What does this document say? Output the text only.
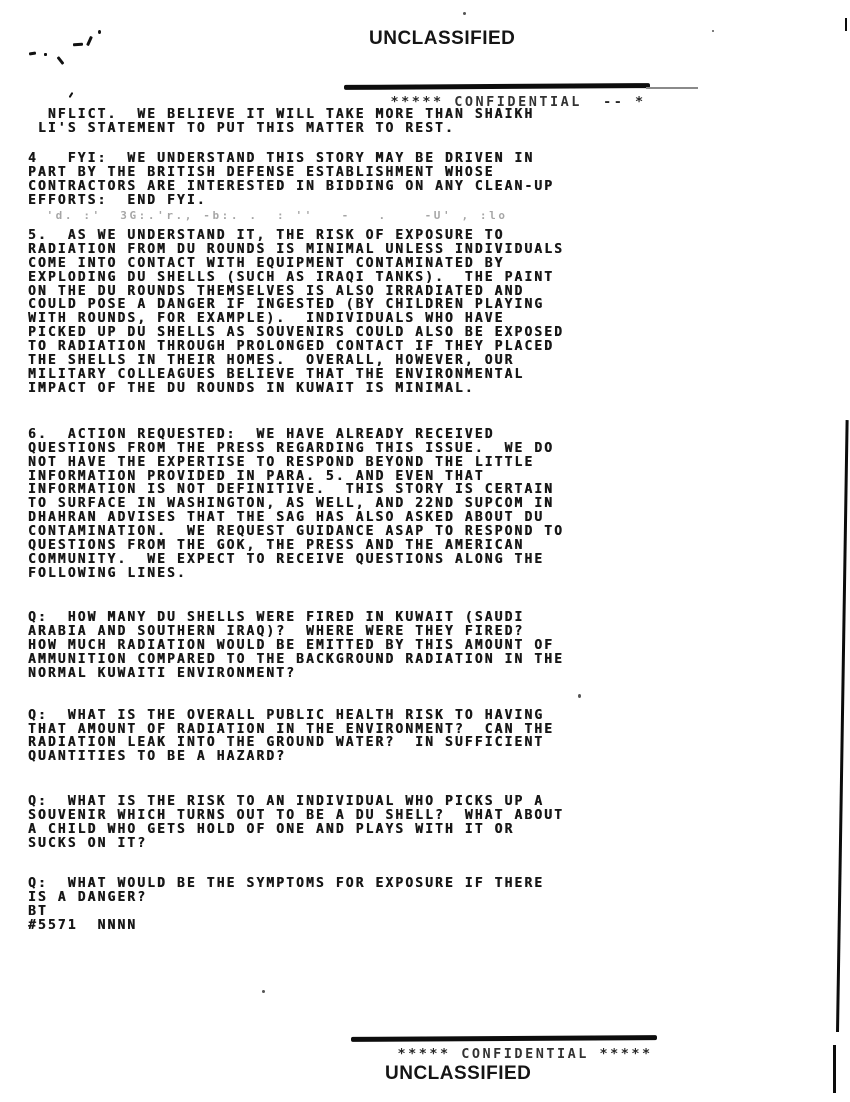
UNCLASSIFIED

***** CONFIDENTIAL  -- *

NFLICT.  WE BELIEVE IT WILL TAKE MORE THAN SHAIKH
LI'S STATEMENT TO PUT THIS MATTER TO REST.
4   FYI:  WE UNDERSTAND THIS STORY MAY BE DRIVEN IN
PART BY THE BRITISH DEFENSE ESTABLISHMENT WHOSE
CONTRACTORS ARE INTERESTED IN BIDDING ON ANY CLEAN-UP
EFFORTS:  END FYI.
'd. :'  3G:.'r., -b:. .  : ''   -   .    -U' , :lo
5.  AS WE UNDERSTAND IT, THE RISK OF EXPOSURE TO
RADIATION FROM DU ROUNDS IS MINIMAL UNLESS INDIVIDUALS
COME INTO CONTACT WITH EQUIPMENT CONTAMINATED BY
EXPLODING DU SHELLS (SUCH AS IRAQI TANKS).  THE PAINT
ON THE DU ROUNDS THEMSELVES IS ALSO IRRADIATED AND
COULD POSE A DANGER IF INGESTED (BY CHILDREN PLAYING
WITH ROUNDS, FOR EXAMPLE).  INDIVIDUALS WHO HAVE
PICKED UP DU SHELLS AS SOUVENIRS COULD ALSO BE EXPOSED
TO RADIATION THROUGH PROLONGED CONTACT IF THEY PLACED
THE SHELLS IN THEIR HOMES.  OVERALL, HOWEVER, OUR
MILITARY COLLEAGUES BELIEVE THAT THE ENVIRONMENTAL
IMPACT OF THE DU ROUNDS IN KUWAIT IS MINIMAL.
6.  ACTION REQUESTED:  WE HAVE ALREADY RECEIVED
QUESTIONS FROM THE PRESS REGARDING THIS ISSUE.  WE DO
NOT HAVE THE EXPERTISE TO RESPOND BEYOND THE LITTLE
INFORMATION PROVIDED IN PARA. 5. AND EVEN THAT
INFORMATION IS NOT DEFINITIVE.  THIS STORY IS CERTAIN
TO SURFACE IN WASHINGTON, AS WELL, AND 22ND SUPCOM IN
DHAHRAN ADVISES THAT THE SAG HAS ALSO ASKED ABOUT DU
CONTAMINATION.  WE REQUEST GUIDANCE ASAP TO RESPOND TO
QUESTIONS FROM THE GOK, THE PRESS AND THE AMERICAN
COMMUNITY.  WE EXPECT TO RECEIVE QUESTIONS ALONG THE
FOLLOWING LINES.
Q:  HOW MANY DU SHELLS WERE FIRED IN KUWAIT (SAUDI
ARABIA AND SOUTHERN IRAQ)?  WHERE WERE THEY FIRED?
HOW MUCH RADIATION WOULD BE EMITTED BY THIS AMOUNT OF
AMMUNITION COMPARED TO THE BACKGROUND RADIATION IN THE
NORMAL KUWAITI ENVIRONMENT?
Q:  WHAT IS THE OVERALL PUBLIC HEALTH RISK TO HAVING
THAT AMOUNT OF RADIATION IN THE ENVIRONMENT?  CAN THE
RADIATION LEAK INTO THE GROUND WATER?  IN SUFFICIENT
QUANTITIES TO BE A HAZARD?
Q:  WHAT IS THE RISK TO AN INDIVIDUAL WHO PICKS UP A
SOUVENIR WHICH TURNS OUT TO BE A DU SHELL?  WHAT ABOUT
A CHILD WHO GETS HOLD OF ONE AND PLAYS WITH IT OR
SUCKS ON IT?
Q:  WHAT WOULD BE THE SYMPTOMS FOR EXPOSURE IF THERE
IS A DANGER?
BT
#5571  NNNN

***** CONFIDENTIAL *****

UNCLASSIFIED
